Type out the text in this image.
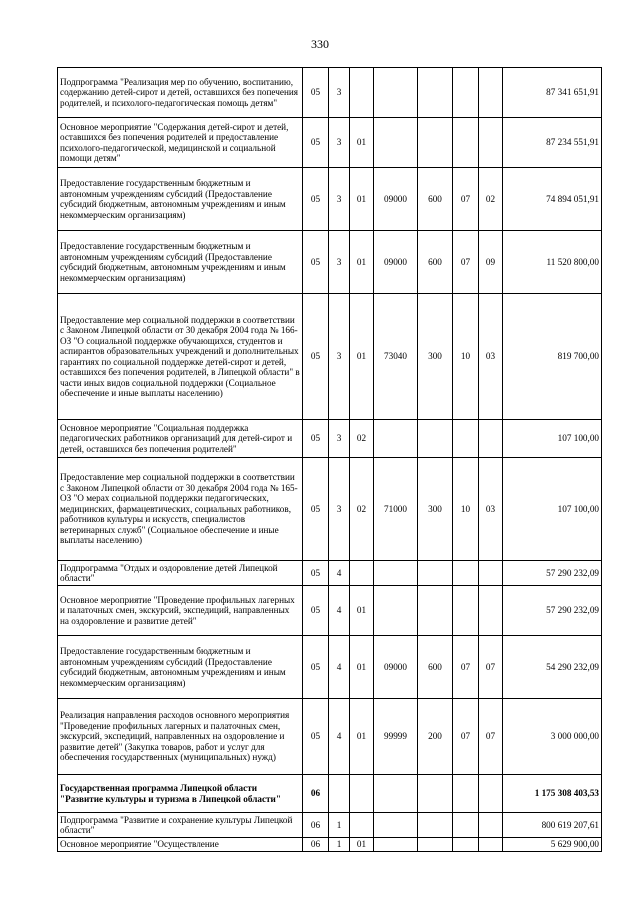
330
Подпрограмма "Реализация мер по обучению, воспитанию, содержанию детей-сирот и детей, оставшихся без попечения родителей, и психолого-педагогическая помощь детям"	05	3						87 341 651,91
Основное мероприятие "Содержания детей-сирот и детей, оставшихся без попечения родителей и предоставление психолого-педагогической, медицинской и социальной помощи детям"	05	3	01					87 234 551,91
Предоставление государственным бюджетным и автономным учреждениям субсидий (Предоставление субсидий бюджетным, автономным учреждениям и иным некоммерческим организациям)	05	3	01	09000	600	07	02	74 894 051,91
Предоставление государственным бюджетным и автономным учреждениям субсидий (Предоставление субсидий бюджетным, автономным учреждениям и иным некоммерческим организациям)	05	3	01	09000	600	07	09	11 520 800,00
Предоставление мер социальной поддержки в соответствии с Законом Липецкой области от 30 декабря 2004 года № 166-ОЗ "О социальной поддержке обучающихся, студентов и аспирантов образовательных учреждений и дополнительных гарантиях по социальной поддержке детей-сирот и детей, оставшихся без попечения родителей, в Липецкой области" в части иных видов социальной поддержки (Социальное обеспечение и иные выплаты населению)	05	3	01	73040	300	10	03	819 700,00
Основное мероприятие "Социальная поддержка педагогических работников организаций для детей-сирот и детей, оставшихся без попечения родителей"	05	3	02					107 100,00
Предоставление мер социальной поддержки в соответствии с Законом Липецкой области от 30 декабря 2004 года № 165-ОЗ "О мерах социальной поддержки педагогических, медицинских, фармацевтических, социальных работников, работников культуры и искусств, специалистов ветеринарных служб" (Социальное обеспечение и иные выплаты населению)	05	3	02	71000	300	10	03	107 100,00
Подпрограмма "Отдых и оздоровление детей Липецкой области"	05	4						57 290 232,09
Основное мероприятие "Проведение профильных лагерных и палаточных смен, экскурсий, экспедиций, направленных на оздоровление и развитие детей"	05	4	01					57 290 232,09
Предоставление государственным бюджетным и автономным учреждениям субсидий (Предоставление субсидий бюджетным, автономным учреждениям и иным некоммерческим организациям)	05	4	01	09000	600	07	07	54 290 232,09
Реализация направления расходов основного мероприятия "Проведение профильных лагерных и палаточных смен, экскурсий, экспедиций, направленных на оздоровление и развитие детей" (Закупка товаров, работ и услуг для обеспечения государственных (муниципальных) нужд)	05	4	01	99999	200	07	07	3 000 000,00
Государственная программа Липецкой области "Развитие культуры и туризма в Липецкой области"	06							1 175 308 403,53
Подпрограмма "Развитие и сохранение культуры Липецкой области"	06	1						800 619 207,61
Основное мероприятие "Осуществление	06	1	01					5 629 900,00
